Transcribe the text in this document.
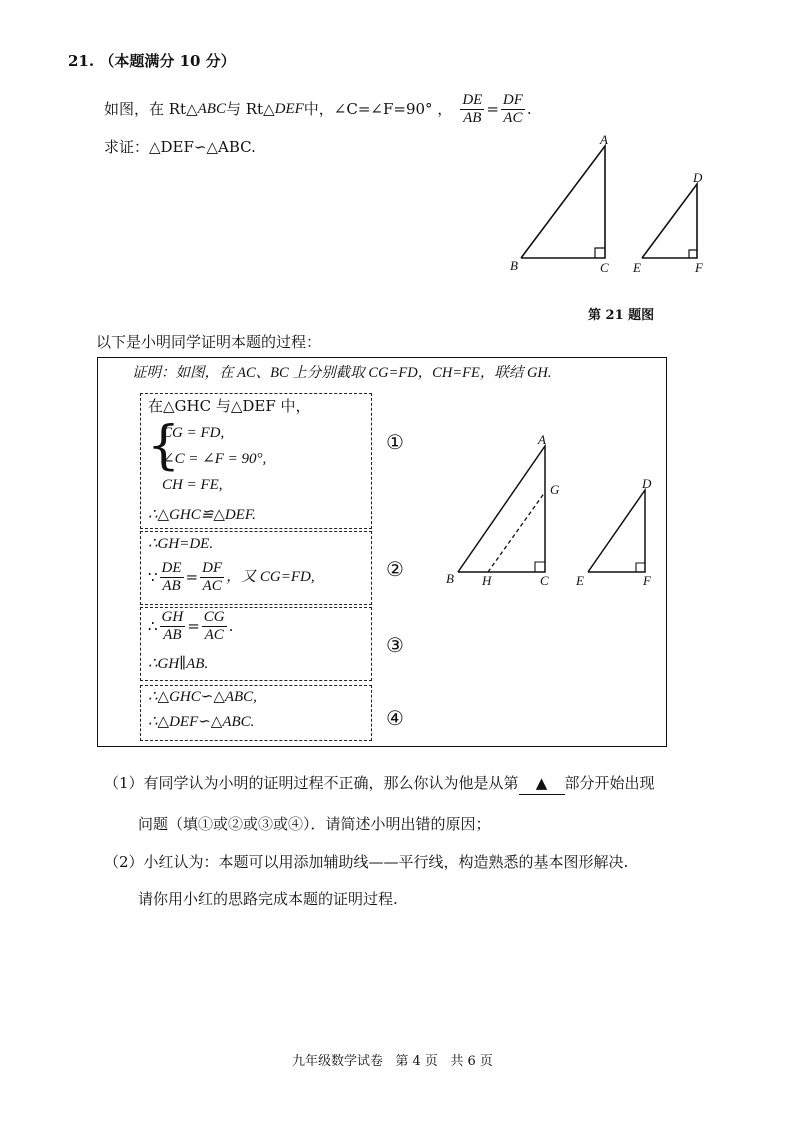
21. （本题满分 10 分）
如图，在 Rt△ ABC 与 Rt△ DEF 中，∠C=∠F=90° ， $\frac{DE}{AB} = \frac{DF}{AC}$ .
求证：△DEF∽△ABC.	A
B	C
D
E	F
第 21 题图
以下是小明同学证明本题的过程：
证明：如图，在 AC、BC 上分别截取 CG=FD，CH=FE，联结 GH.
在△GHC 与△DEF 中，
{
CG = FD,
∠C = ∠F = 90°,
CH = FE,
∴△GHC≌△DEF.
∴GH=DE.
∵ $\frac{DE}{AB} = \frac{DF}{AC}$ ，又 CG=FD,
∴ $\frac{GH}{AB} = \frac{CG}{AC}$ .
∴GH∥AB.
∴△GHC∽△ABC,
∴△DEF∽△ABC.
①
②
③
④
A
G
B H	C
D
E	F
（1）有同学认为小明的证明过程不正确，那么你认为他是从第 ▲ 部分开始出现
问题（填①或②或③或④）．请简述小明出错的原因；
（2）小红认为：本题可以用添加辅助线——平行线，构造熟悉的基本图形解决.
请你用小红的思路完成本题的证明过程.
九年级数学试卷   第 4 页   共 6 页
